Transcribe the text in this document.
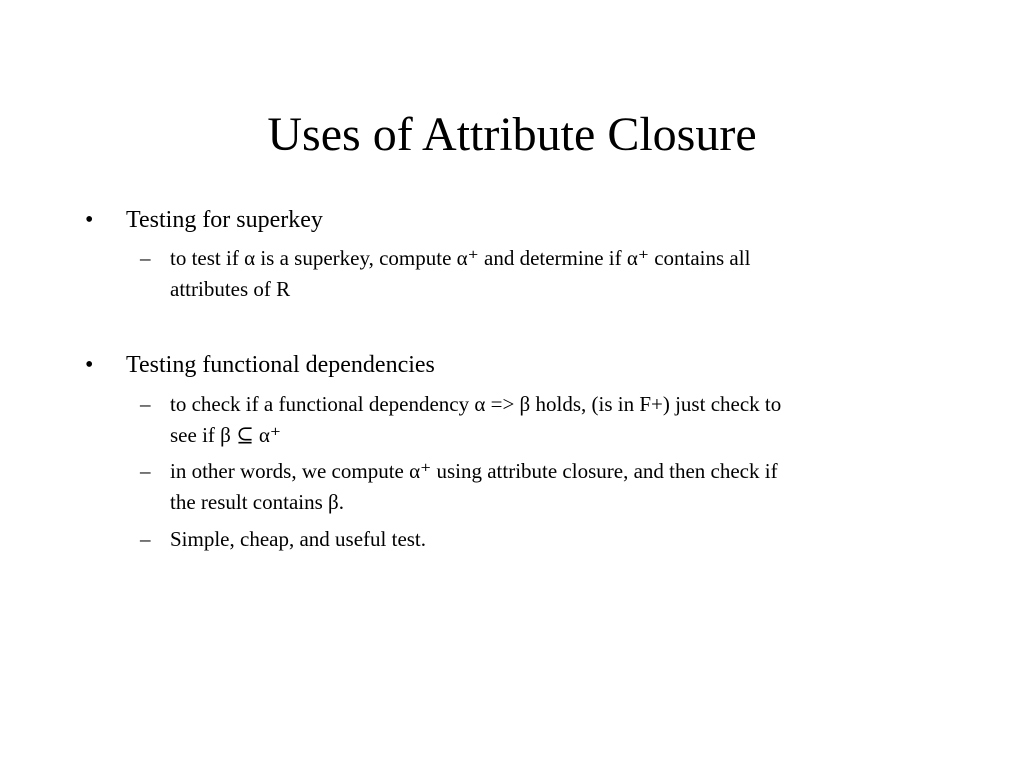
Uses of Attribute Closure
•	Testing for superkey
– to test if α is a superkey, compute α⁺ and determine if α⁺ contains all
attributes of R
•	Testing functional dependencies
– to check if a functional dependency α => β holds, (is in F+) just check to
see if β ⊆ α⁺
– in other words, we compute α⁺ using attribute closure, and then check if
the result contains β.
– Simple, cheap, and useful test.
